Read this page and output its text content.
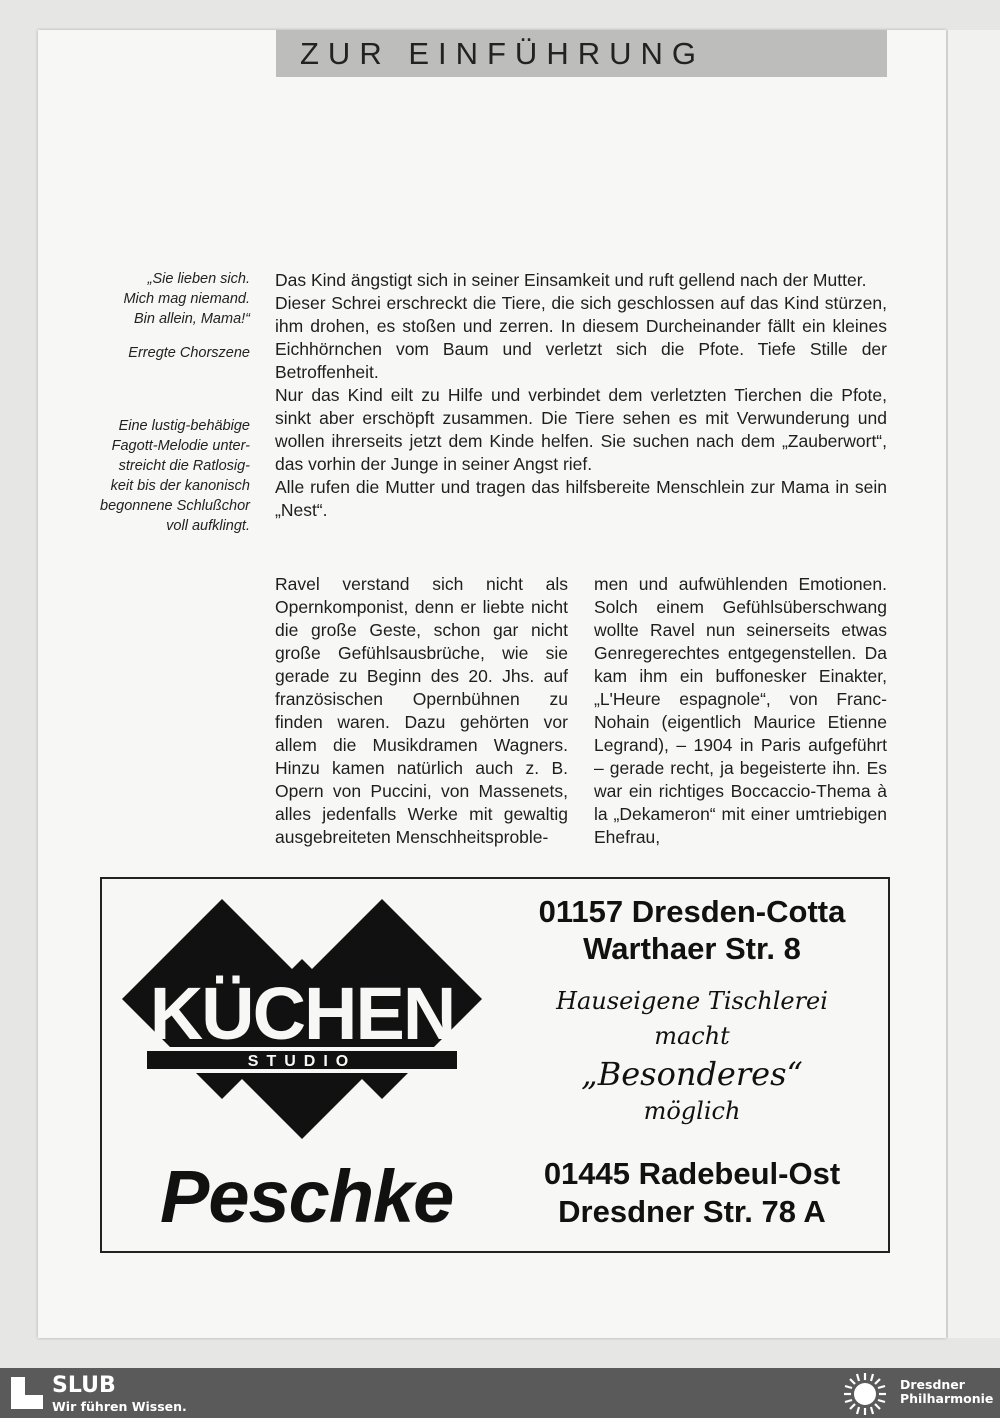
ZUR EINFÜHRUNG
„Sie lieben sich.
Mich mag niemand.
Bin allein, Mama!“
Erregte Chorszene
Eine lustig-behäbige
Fagott-Melodie unter-
streicht die Ratlosig-
keit bis der kanonisch
begonnene Schlußchor
voll aufklingt.

Das Kind ängstigt sich in seiner Einsamkeit und ruft gellend nach der Mutter.

Dieser Schrei erschreckt die Tiere, die sich geschlossen auf das Kind stürzen, ihm drohen, es stoßen und zerren. In diesem Durcheinander fällt ein kleines Eichhörnchen vom Baum und verletzt sich die Pfote. Tiefe Stille der Betroffenheit.

Nur das Kind eilt zu Hilfe und verbindet dem verletzten Tierchen die Pfote, sinkt aber erschöpft zusammen. Die Tiere sehen es mit Verwunderung und wollen ihrerseits jetzt dem Kinde helfen. Sie suchen nach dem „Zauberwort“, das vorhin der Junge in seiner Angst rief.

Alle rufen die Mutter und tragen das hilfsbereite Menschlein zur Mama in sein „Nest“.

Ravel verstand sich nicht als Opernkomponist, denn er liebte nicht die große Geste, schon gar nicht große Gefühlsausbrüche, wie sie gerade zu Beginn des 20. Jhs. auf französischen Opernbühnen zu finden waren. Dazu gehörten vor allem die Musikdramen Wagners. Hinzu kamen natürlich auch z. B. Opern von Puccini, von Massenets, alles jedenfalls Werke mit gewaltig ausgebreiteten Menschheitsproble-

men und aufwühlenden Emotionen. Solch einem Gefühlsüberschwang wollte Ravel nun seinerseits etwas Genregerechtes entgegenstellen. Da kam ihm ein buffonesker Einakter, „L'Heure espagnole“, von Franc-Nohain (eigentlich Maurice Etienne Legrand), – 1904 in Paris aufgeführt – gerade recht, ja begeisterte ihn. Es war ein richtiges Boccaccio-Thema à la „Dekameron“ mit einer umtriebigen Ehefrau,

KÜCHEN
STUDIO
Peschke
01157 Dresden-Cotta
Warthaer Str. 8
Hauseigene Tischlerei
macht
„Besonderes“
möglich
01445 Radebeul-Ost
Dresdner Str. 78 A
SLUB
Wir führen Wissen.
Dresdner
Philharmonie
